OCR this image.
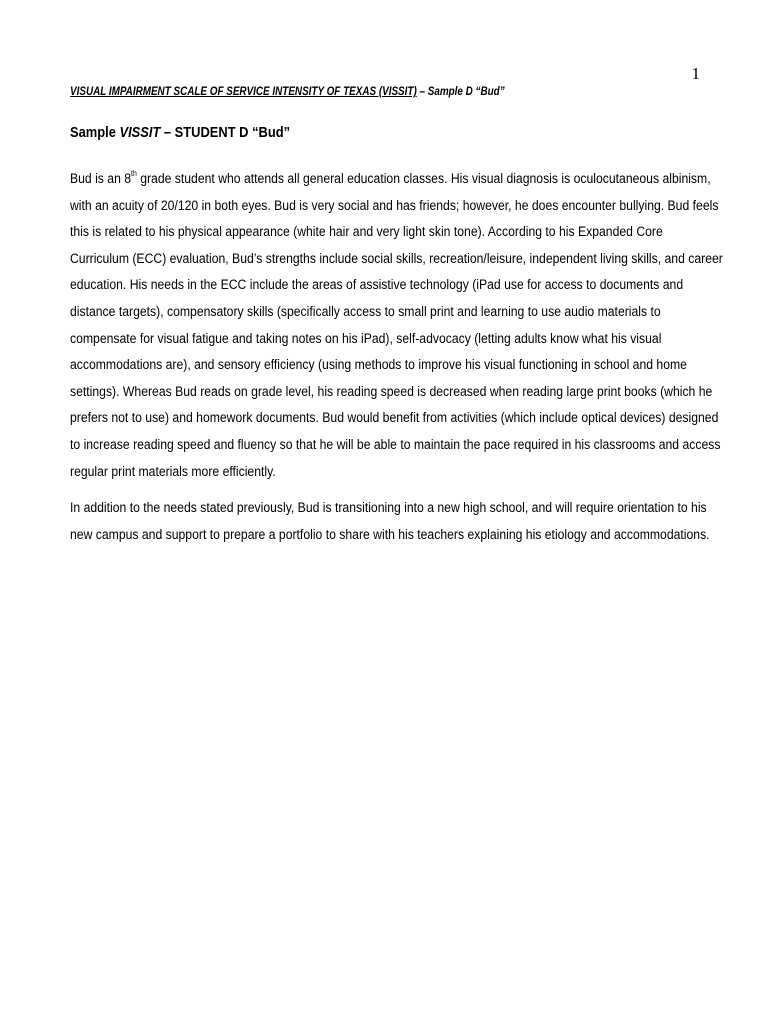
1
VISUAL IMPAIRMENT SCALE OF SERVICE INTENSITY OF TEXAS (VISSIT) – Sample D “Bud”
Sample VISSIT – STUDENT D “Bud”

Bud is an 8th grade student who attends all general education classes. His visual diagnosis is oculocutaneous albinism,
with an acuity of 20/120 in both eyes. Bud is very social and has friends; however, he does encounter bullying. Bud feels
this is related to his physical appearance (white hair and very light skin tone). According to his Expanded Core
Curriculum (ECC) evaluation, Bud’s strengths include social skills, recreation/leisure, independent living skills, and career
education. His needs in the ECC include the areas of assistive technology (iPad use for access to documents and
distance targets), compensatory skills (specifically access to small print and learning to use audio materials to
compensate for visual fatigue and taking notes on his iPad), self-advocacy (letting adults know what his visual
accommodations are), and sensory efficiency (using methods to improve his visual functioning in school and home
settings). Whereas Bud reads on grade level, his reading speed is decreased when reading large print books (which he
prefers not to use) and homework documents. Bud would benefit from activities (which include optical devices) designed
to increase reading speed and fluency so that he will be able to maintain the pace required in his classrooms and access
regular print materials more efficiently.

In addition to the needs stated previously, Bud is transitioning into a new high school, and will require orientation to his
new campus and support to prepare a portfolio to share with his teachers explaining his etiology and accommodations.
